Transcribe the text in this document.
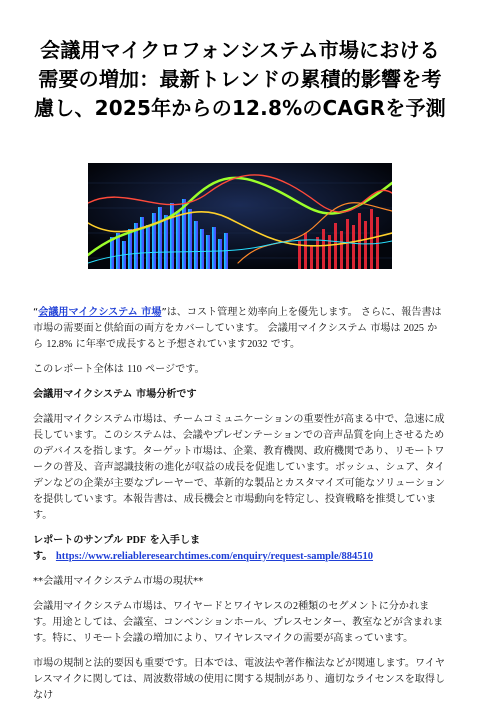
会議用マイクロフォンシステム市場における需要の増加：最新トレンドの累積的影響を考慮し、2025年からの12.8%のCAGRを予測

“会議用マイクシステム 市場”は、コスト管理と効率向上を優先します。 さらに、報告書は市場の需要面と供給面の両方をカバーしています。 会議用マイクシステム 市場は 2025 から 12.8% に年率で成長すると予想されています2032 です。

このレポート全体は 110 ページです。

会議用マイクシステム 市場分析です

会議用マイクシステム市場は、チームコミュニケーションの重要性が高まる中で、急速に成長しています。このシステムは、会議やプレゼンテーションでの音声品質を向上させるためのデバイスを指します。ターゲット市場は、企業、教育機関、政府機関であり、リモートワークの普及、音声認識技術の進化が収益の成長を促進しています。ボッシュ、シュア、タイデンなどの企業が主要なプレーヤーで、革新的な製品とカスタマイズ可能なソリューションを提供しています。本報告書は、成長機会と市場動向を特定し、投資戦略を推奨しています。

レポートのサンプル PDF を入手します。 https://www.reliableresearchtimes.com/enquiry/request-sample/884510

**会議用マイクシステム市場の現状**

会議用マイクシステム市場は、ワイヤードとワイヤレスの2種類のセグメントに分かれます。用途としては、会議室、コンベンションホール、プレスセンター、教室などが含まれます。特に、リモート会議の増加により、ワイヤレスマイクの需要が高まっています。

市場の規制と法的要因も重要です。日本では、電波法や著作権法などが関連します。ワイヤレスマイクに関しては、周波数帯域の使用に関する規制があり、適切なライセンスを取得しなけ
